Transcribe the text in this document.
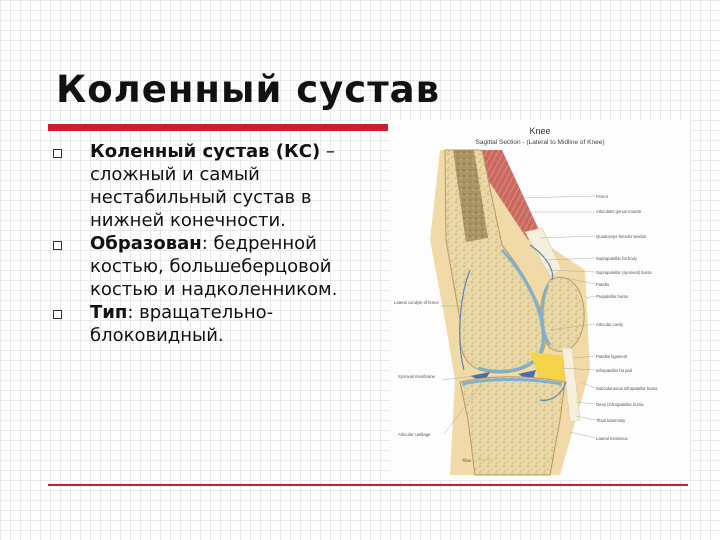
Коленный сустав
Коленный сустав (КС) – сложный и самый нестабильный сустав в нижней конечности.
Образован: бедренной костью, большеберцовой костью и надколенником.
Тип: вращательно-блоковидный.
Knee
Sagittal Section - (Lateral to Midline of Knee)
Femur
Articularis genus muscle
Quadriceps femoris tendon
Suprapatellar fat body
Suprapatellar (synovial) bursa
Patella
Prepatellar bursa
Articular cavity
Patellar ligament
Infrapatellar fat pad
Subcutaneous infrapatellar bursa
Deep (infra)patellar bursa
Tibial tuberosity
Lateral meniscus
Lateral condyle of femur
Synovial membrane
Articular cartilage
Tibia
